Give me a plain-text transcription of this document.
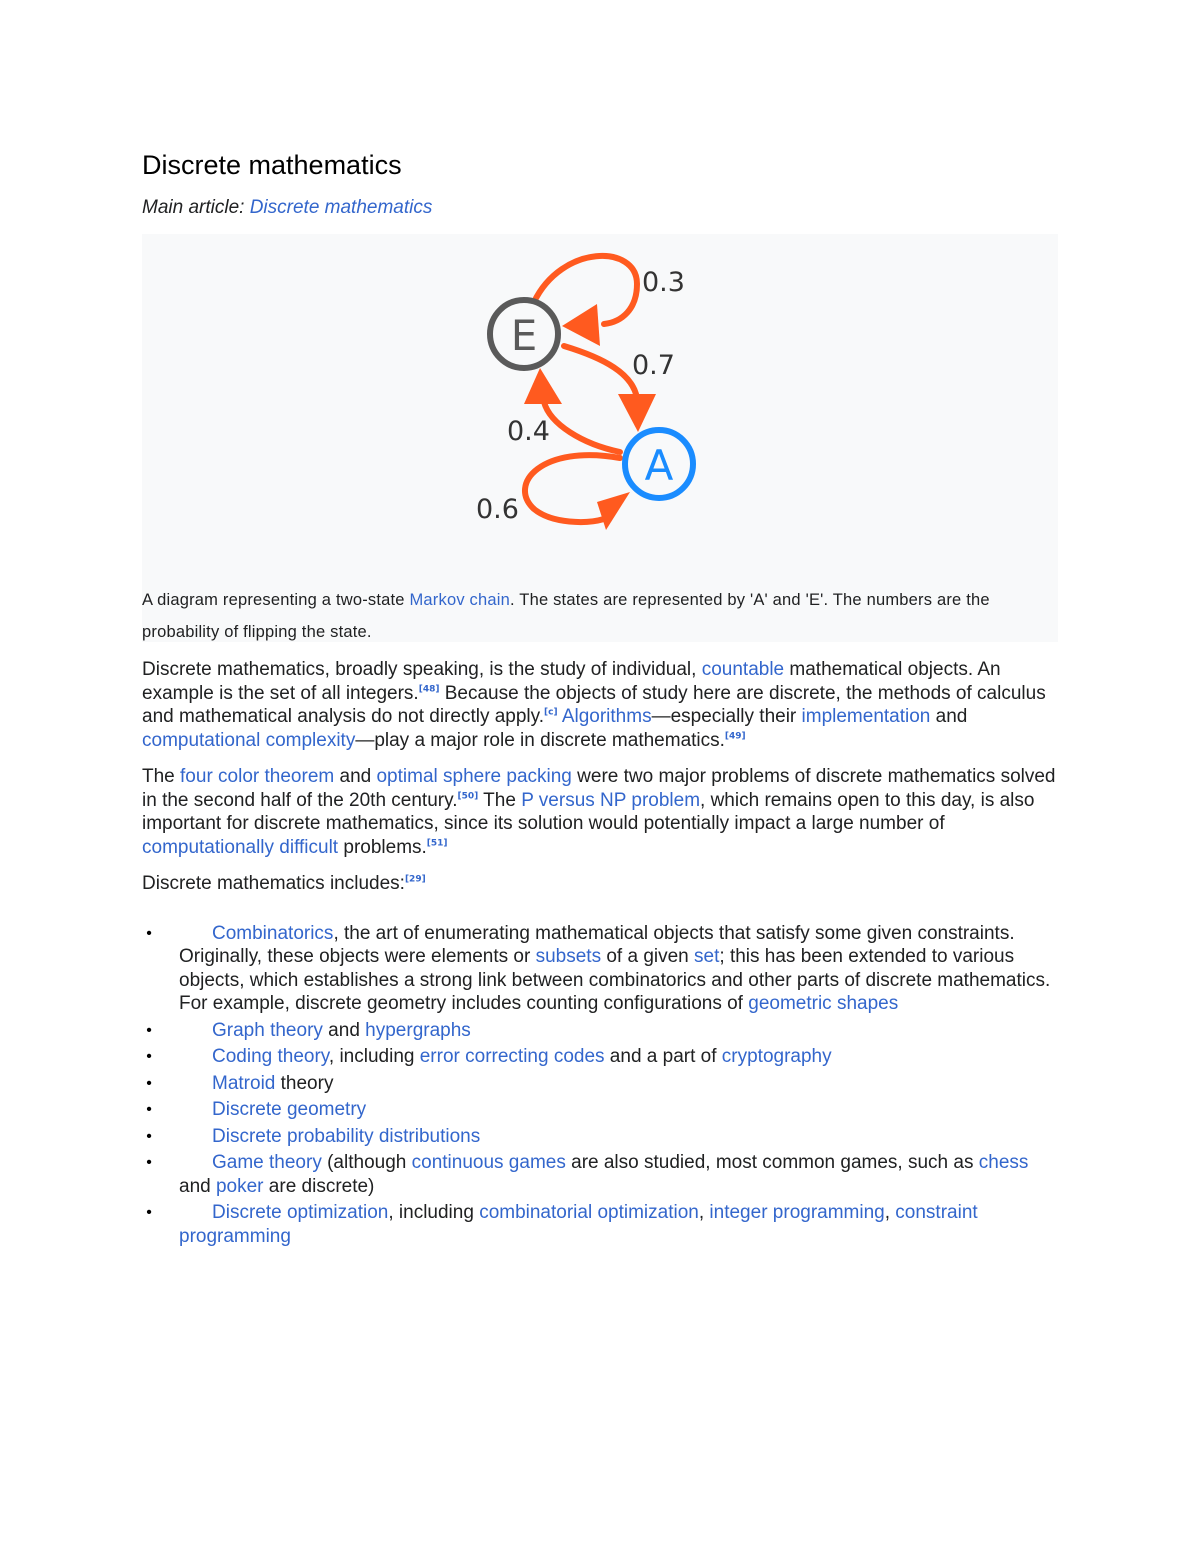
Discrete mathematics
Main article: Discrete mathematics
E
A
0.3
0.7
0.4
0.6
A diagram representing a two-state Markov chain. The states are represented by 'A' and 'E'. The numbers are the probability of flipping the state.

Discrete mathematics, broadly speaking, is the study of individual, countable mathematical objects. An example is the set of all integers.[48] Because the objects of study here are discrete, the methods of calculus and mathematical analysis do not directly apply.[c] Algorithms—especially their implementation and computational complexity—play a major role in discrete mathematics.[49]

The four color theorem and optimal sphere packing were two major problems of discrete mathematics solved in the second half of the 20th century.[50] The P versus NP problem, which remains open to this day, is also important for discrete mathematics, since its solution would potentially impact a large number of computationally difficult problems.[51]

Discrete mathematics includes:[29]

•	Combinatorics, the art of enumerating mathematical objects that satisfy some given constraints. Originally, these objects were elements or subsets of a given set; this has been extended to various objects, which establishes a strong link between combinatorics and other parts of discrete mathematics. For example, discrete geometry includes counting configurations of geometric shapes
•	Graph theory and hypergraphs
•	Coding theory, including error correcting codes and a part of cryptography
•	Matroid theory
•	Discrete geometry
•	Discrete probability distributions
•	Game theory (although continuous games are also studied, most common games, such as chess and poker are discrete)
•	Discrete optimization, including combinatorial optimization, integer programming, constraint programming
